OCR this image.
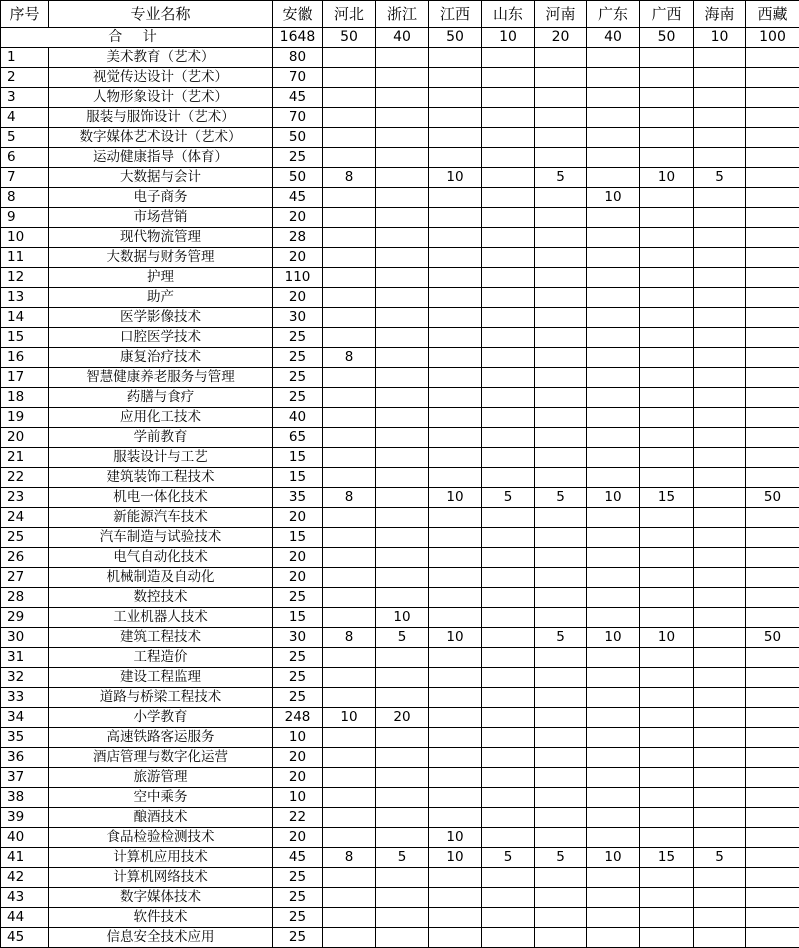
序号	专业名称	安徽	河北	浙江	江西	山东	河南	广东	广西	海南	西藏
合 计		1648	50	40	50	10	20	40	50	10	100
1	美术教育（艺术）	80									
2	视觉传达设计（艺术）	70									
3	人物形象设计（艺术）	45									
4	服装与服饰设计（艺术）	70									
5	数字媒体艺术设计（艺术）	50									
6	运动健康指导（体育）	25									
7	大数据与会计	50	8		10		5		10	5	
8	电子商务	45						10			
9	市场营销	20									
10	现代物流管理	28									
11	大数据与财务管理	20									
12	护理	110									
13	助产	20									
14	医学影像技术	30									
15	口腔医学技术	25									
16	康复治疗技术	25	8								
17	智慧健康养老服务与管理	25									
18	药膳与食疗	25									
19	应用化工技术	40									
20	学前教育	65									
21	服装设计与工艺	15									
22	建筑装饰工程技术	15									
23	机电一体化技术	35	8		10	5	5	10	15		50
24	新能源汽车技术	20									
25	汽车制造与试验技术	15									
26	电气自动化技术	20									
27	机械制造及自动化	20									
28	数控技术	25									
29	工业机器人技术	15		10							
30	建筑工程技术	30	8	5	10		5	10	10		50
31	工程造价	25									
32	建设工程监理	25									
33	道路与桥梁工程技术	25									
34	小学教育	248	10	20							
35	高速铁路客运服务	10									
36	酒店管理与数字化运营	20									
37	旅游管理	20									
38	空中乘务	10									
39	酿酒技术	22									
40	食品检验检测技术	20			10						
41	计算机应用技术	45	8	5	10	5	5	10	15	5	
42	计算机网络技术	25									
43	数字媒体技术	25									
44	软件技术	25									
45	信息安全技术应用	25									
